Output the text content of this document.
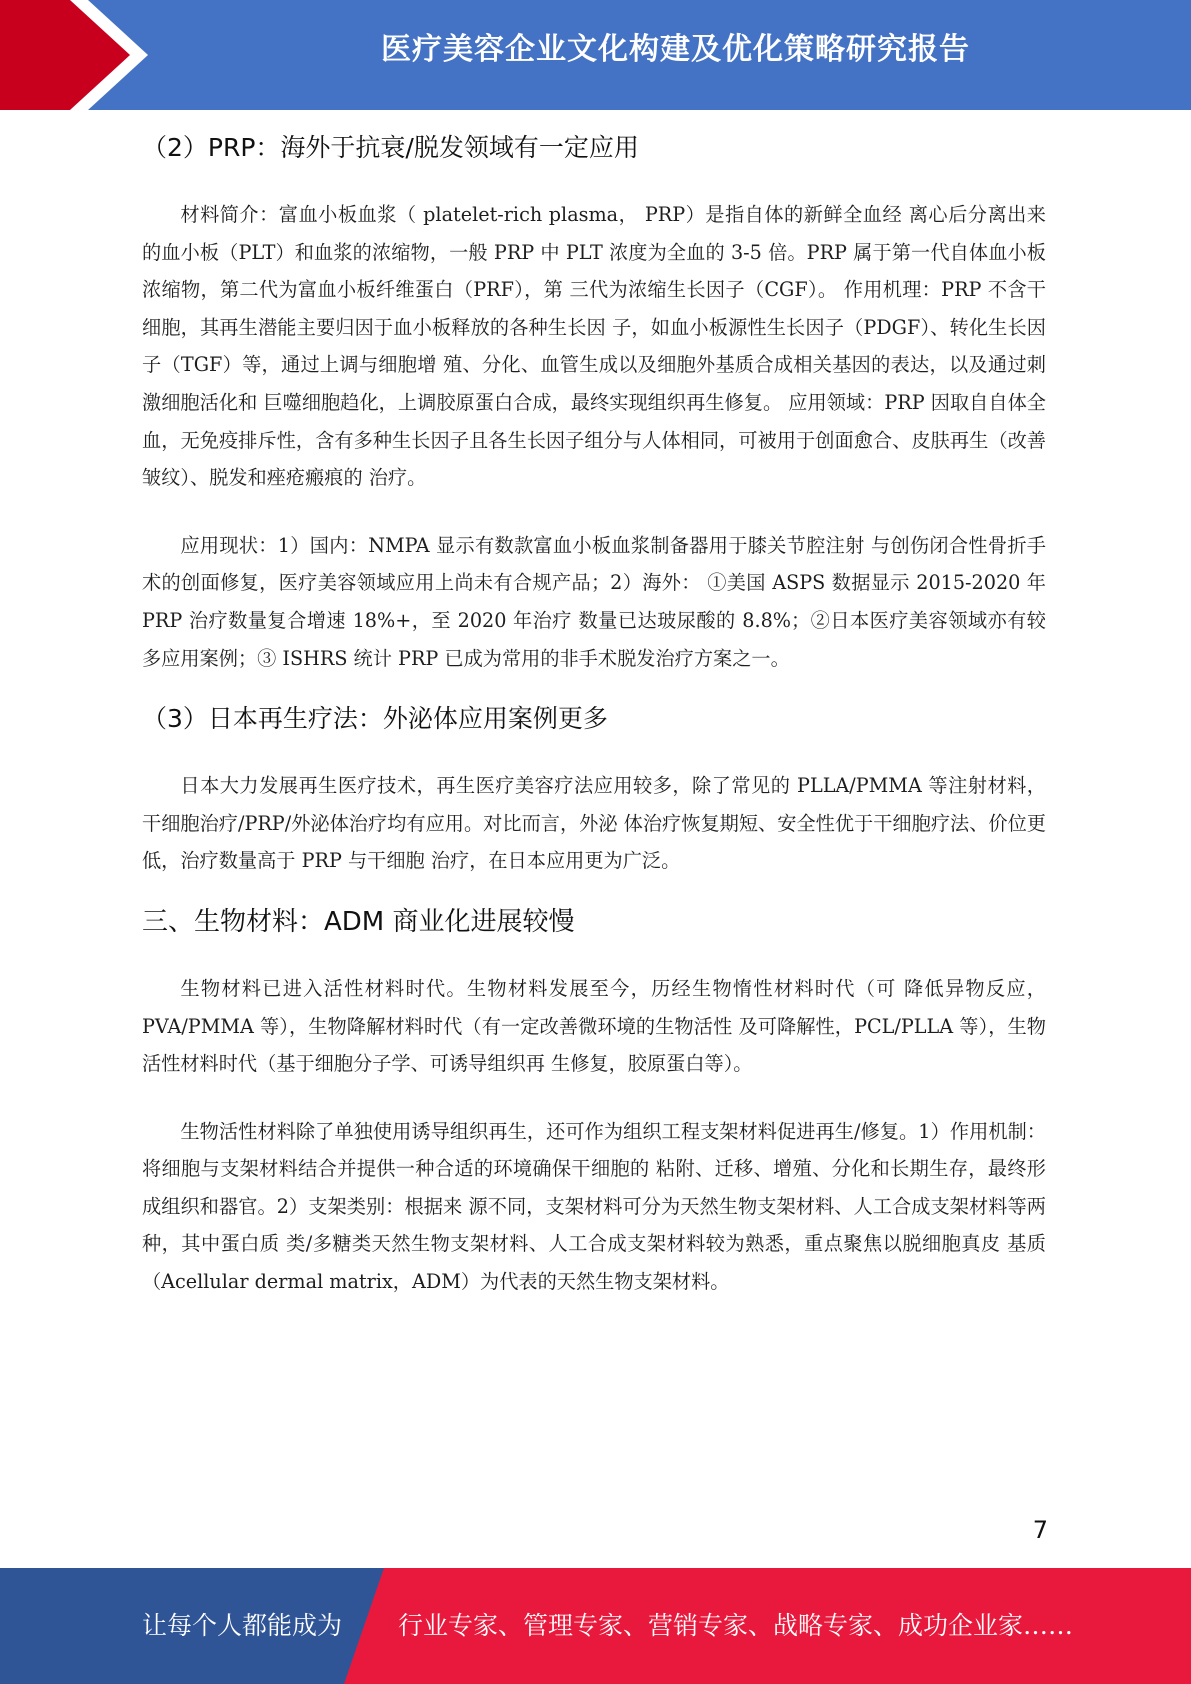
医疗美容企业文化构建及优化策略研究报告
（2）PRP：海外于抗衰/脱发领域有一定应用

材料简介：富血小板血浆（ platelet-rich plasma， PRP）是指自体的新鲜全血经 离心后分离出来的血小板（PLT）和血浆的浓缩物，一般 PRP 中 PLT 浓度为全血的 3-5 倍。PRP 属于第一代自体血小板浓缩物，第二代为富血小板纤维蛋白（PRF），第 三代为浓缩生长因子（CGF）。 作用机理：PRP 不含干细胞，其再生潜能主要归因于血小板释放的各种生长因 子，如血小板源性生长因子（PDGF）、转化生长因子（TGF）等，通过上调与细胞增 殖、分化、血管生成以及细胞外基质合成相关基因的表达，以及通过刺激细胞活化和 巨噬细胞趋化，上调胶原蛋白合成，最终实现组织再生修复。 应用领域：PRP 因取自自体全血，无免疫排斥性，含有多种生长因子且各生长因子组分与人体相同，可被用于创面愈合、皮肤再生（改善皱纹）、脱发和痤疮瘢痕的 治疗。

应用现状：1）国内：NMPA 显示有数款富血小板血浆制备器用于膝关节腔注射 与创伤闭合性骨折手术的创面修复，医疗美容领域应用上尚未有合规产品；2）海外： ①美国 ASPS 数据显示 2015-2020 年 PRP 治疗数量复合增速 18%+，至 2020 年治疗 数量已达玻尿酸的 8.8%；②日本医疗美容领域亦有较多应用案例；③ ISHRS 统计 PRP 已成为常用的非手术脱发治疗方案之一。

（3）日本再生疗法：外泌体应用案例更多

日本大力发展再生医疗技术，再生医疗美容疗法应用较多，除了常见的 PLLA/PMMA 等注射材料，干细胞治疗/PRP/外泌体治疗均有应用。对比而言，外泌 体治疗恢复期短、安全性优于干细胞疗法、价位更低，治疗数量高于 PRP 与干细胞 治疗，在日本应用更为广泛。

三、生物材料：ADM 商业化进展较慢

生物材料已进入活性材料时代。生物材料发展至今，历经生物惰性材料时代（可 降低异物反应，PVA/PMMA 等），生物降解材料时代（有一定改善微环境的生物活性 及可降解性，PCL/PLLA 等），生物活性材料时代（基于细胞分子学、可诱导组织再 生修复，胶原蛋白等）。

生物活性材料除了单独使用诱导组织再生，还可作为组织工程支架材料促进再生/修复。1）作用机制：将细胞与支架材料结合并提供一种合适的环境确保干细胞的 粘附、迁移、增殖、分化和长期生存，最终形成组织和器官。2）支架类别：根据来 源不同，支架材料可分为天然生物支架材料、人工合成支架材料等两种，其中蛋白质 类/多糖类天然生物支架材料、人工合成支架材料较为熟悉，重点聚焦以脱细胞真皮 基质（Acellular dermal matrix，ADM）为代表的天然生物支架材料。

7
让每个人都能成为 行业专家、管理专家、营销专家、战略专家、成功企业家……
